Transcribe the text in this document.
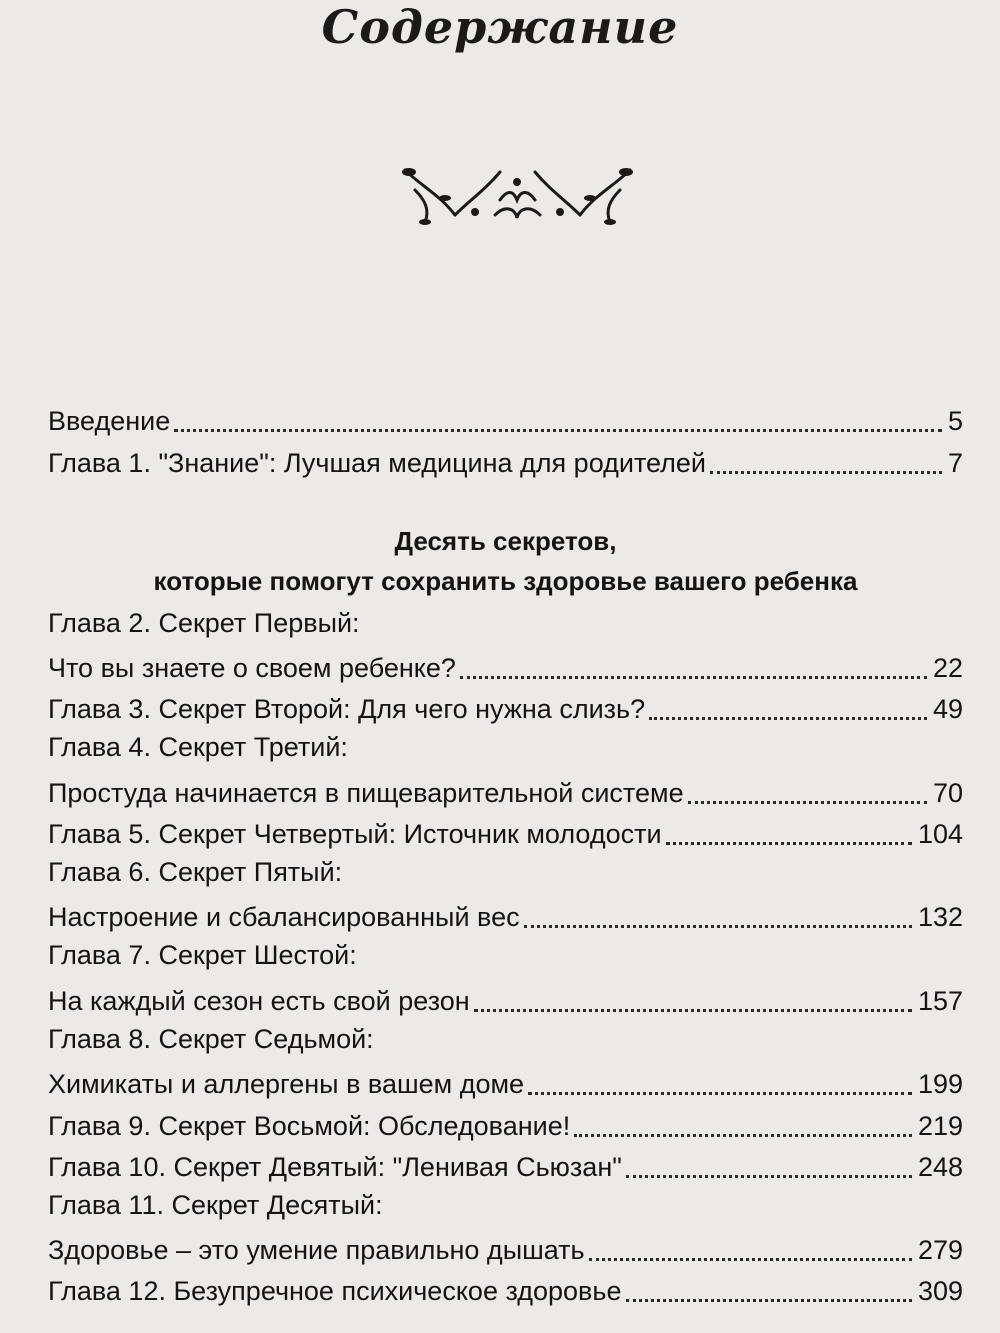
Содержание
Введение	5
Глава 1. "Знание": Лучшая медицина для родителей	7
Десять секретов,
которые помогут сохранить здоровье вашего ребенка
Глава 2. Секрет Первый:
Что вы знаете о своем ребенке?	22
Глава 3. Секрет Второй: Для чего нужна слизь?	49
Глава 4. Секрет Третий:
Простуда начинается в пищеварительной системе	70
Глава 5. Секрет Четвертый: Источник молодости	104
Глава 6. Секрет Пятый:
Настроение и сбалансированный вес	132
Глава 7. Секрет Шестой:
На каждый сезон есть свой резон	157
Глава 8. Секрет Седьмой:
Химикаты и аллергены в вашем доме	199
Глава 9. Секрет Восьмой: Обследование!	219
Глава 10. Секрет Девятый: "Ленивая Сьюзан"	248
Глава 11. Секрет Десятый:
Здоровье – это умение правильно дышать	279
Глава 12. Безупречное психическое здоровье	309
